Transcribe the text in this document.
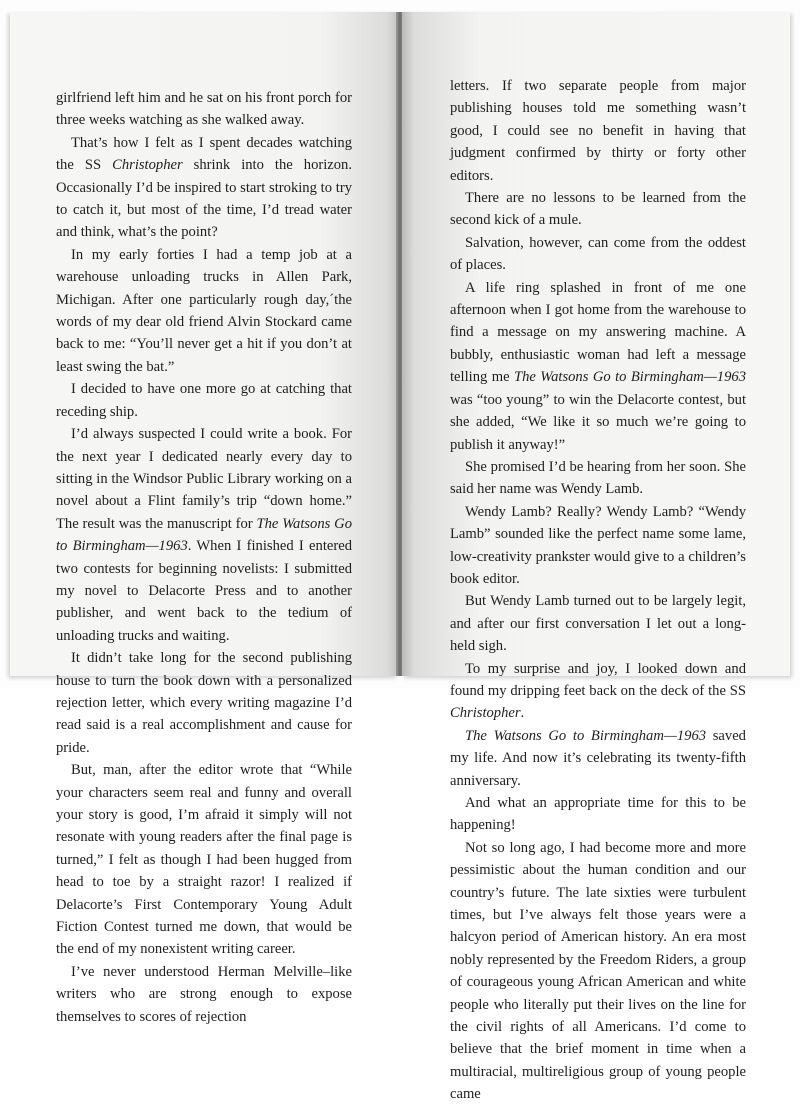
girlfriend left him and he sat on his front porch for three weeks watching as she walked away.

That’s how I felt as I spent decades watching the SS Christopher shrink into the horizon. Occasionally I’d be inspired to start stroking to try to catch it, but most of the time, I’d tread water and think, what’s the point?

In my early forties I had a temp job at a warehouse unloading trucks in Allen Park, Michigan. After one particularly rough day,´the words of my dear old friend Alvin Stockard came back to me: “You’ll never get a hit if you don’t at least swing the bat.”

I decided to have one more go at catching that receding ship.

I’d always suspected I could write a book. For the next year I dedicated nearly every day to sitting in the Windsor Public Library working on a novel about a Flint family’s trip “down home.” The result was the manuscript for The Watsons Go to Birmingham—1963. When I finished I entered two contests for beginning novelists: I submitted my novel to Delacorte Press and to another publisher, and went back to the tedium of unloading trucks and waiting.

It didn’t take long for the second publishing house to turn the book down with a personalized rejection letter, which every writing magazine I’d read said is a real accomplishment and cause for pride.

But, man, after the editor wrote that “While your characters seem real and funny and overall your story is good, I’m afraid it simply will not resonate with young readers after the final page is turned,” I felt as though I had been hugged from head to toe by a straight razor! I realized if Delacorte’s First Contemporary Young Adult Fiction Contest turned me down, that would be the end of my nonexistent writing career.

I’ve never understood Herman Melville–like writers who are strong enough to expose themselves to scores of rejection

letters. If two separate people from major publishing houses told me something wasn’t good, I could see no benefit in having that judgment confirmed by thirty or forty other editors.

There are no lessons to be learned from the second kick of a mule.

Salvation, however, can come from the oddest of places.

A life ring splashed in front of me one afternoon when I got home from the warehouse to find a message on my answering machine. A bubbly, enthusiastic woman had left a message telling me The Watsons Go to Birmingham—1963 was “too young” to win the Delacorte contest, but she added, “We like it so much we’re going to publish it anyway!”

She promised I’d be hearing from her soon. She said her name was Wendy Lamb.

Wendy Lamb? Really? Wendy Lamb? “Wendy Lamb” sounded like the perfect name some lame, low-creativity prankster would give to a children’s book editor.

But Wendy Lamb turned out to be largely legit, and after our first conversation I let out a long-held sigh.

To my surprise and joy, I looked down and found my dripping feet back on the deck of the SS Christopher.

The Watsons Go to Birmingham—1963 saved my life. And now it’s celebrating its twenty-fifth anniversary.

And what an appropriate time for this to be happening!

Not so long ago, I had become more and more pessimistic about the human condition and our country’s future. The late sixties were turbulent times, but I’ve always felt those years were a halcyon period of American history. An era most nobly represented by the Freedom Riders, a group of courageous young African American and white people who literally put their lives on the line for the civil rights of all Americans. I’d come to believe that the brief moment in time when a multiracial, multireligious group of young people came
